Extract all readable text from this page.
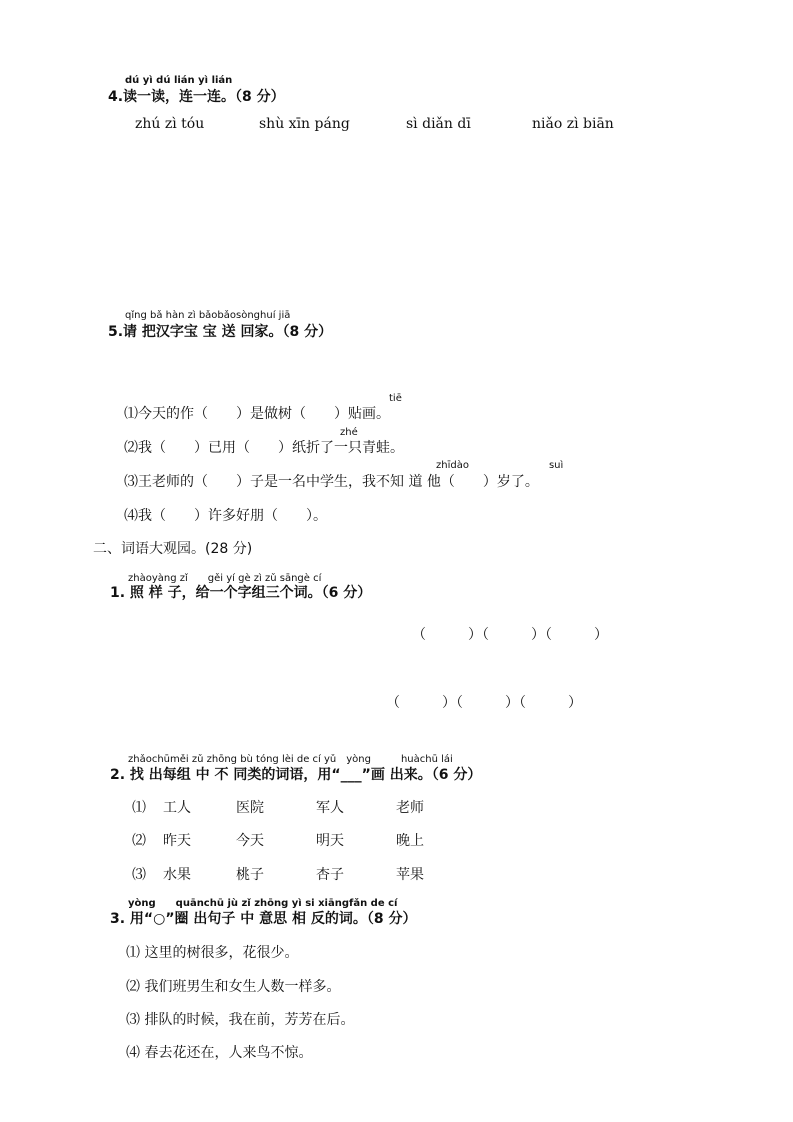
dú yì dú lián yì lián
4.读一读，连一连。（8 分）
zhú zì tóu	shù xīn páng	sì diǎn dī	niǎo zì biān
qǐng bǎ hàn zì bǎobǎosònghuí jiā
5.请 把汉字宝 宝 送 回家。（8 分）
tiē
⑴今天的作（　　）是做树（　　）贴画。
zhé
⑵我（　　）已用（　　）纸折了一只青蛙。
zhīdào　　　　　　　　suì
⑶王老师的（　　）子是一名中学生，我不知 道 他（　　）岁了。
⑷我（　　）许多好朋（　　）。
二、词语大观园。(28 分)
zhàoyàng zǐ　　gěi yí gè zì zǔ sāngè cí
1. 照 样 子，给一个字组三个词。（6 分）
（　　　）（　　　）（　　　）
（　　　）（　　　）（　　　）
zhǎochūměi zǔ zhōng bù tóng lèi de cí yǔ　yòng　　　huàchū lái
2. 找 出每组 中 不 同类的词语，用“___”画 出来。（6 分）
⑴ 工人	医院	军人	老师
⑵ 昨天	今天	明天	晚上
⑶ 水果	桃子	杏子	苹果
yòng　　quānchū jù zǐ zhōng yì si xiāngfǎn de cí
3. 用“○”圈 出句子 中 意思 相 反的词。（8 分）
⑴ 这里的树很多，花很少。
⑵ 我们班男生和女生人数一样多。
⑶ 排队的时候，我在前，芳芳在后。
⑷ 春去花还在，人来鸟不惊。
